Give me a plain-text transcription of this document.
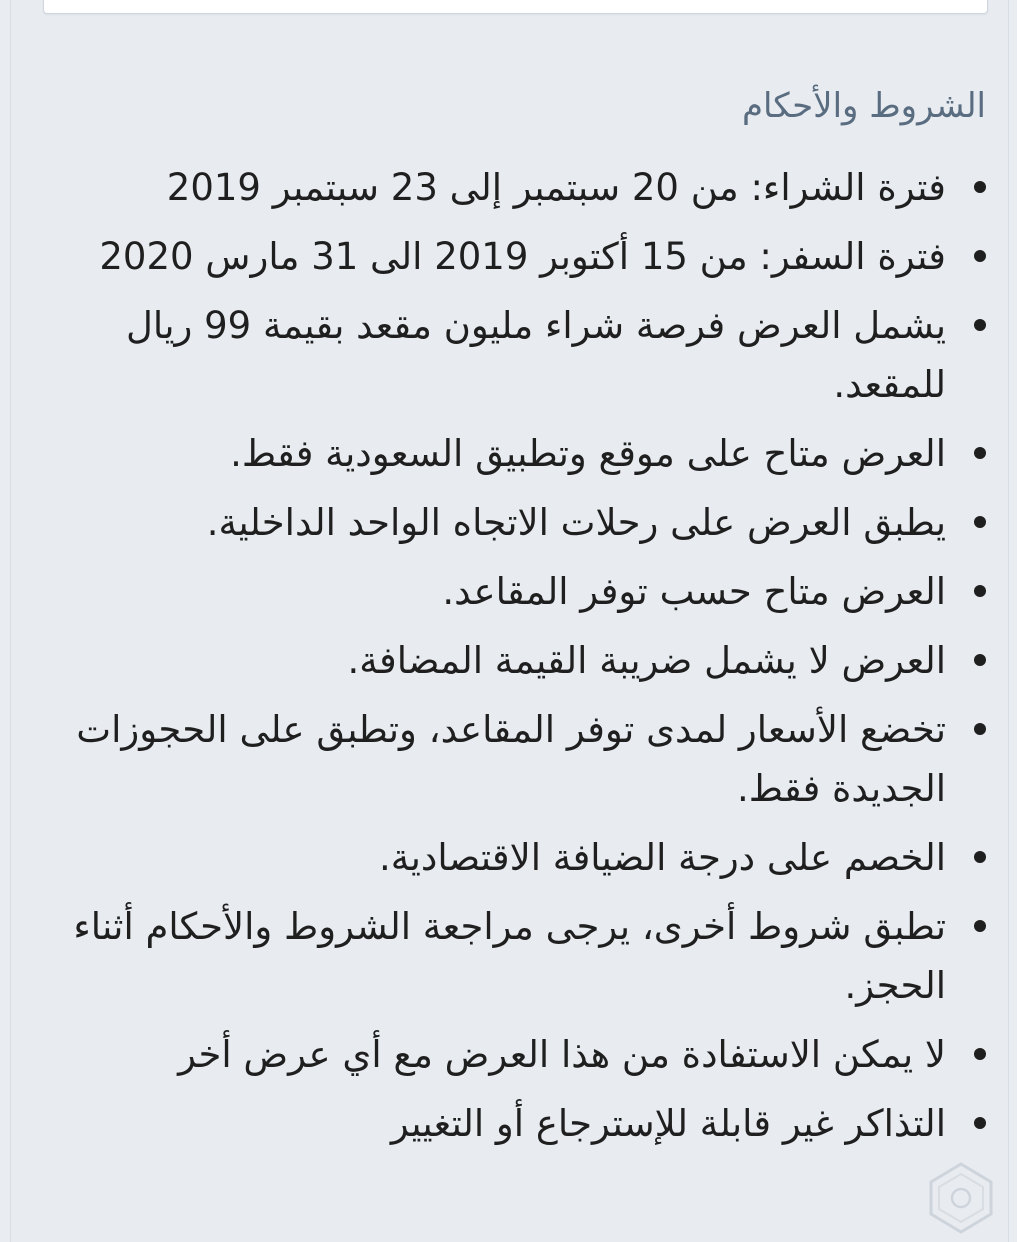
الشروط والأحكام
فترة الشراء: من 20 سبتمبر إلى 23 سبتمبر 2019
فترة السفر: من 15 أكتوبر 2019 الى 31 مارس 2020
يشمل العرض فرصة شراء مليون مقعد بقيمة 99 ريال للمقعد.
العرض متاح على موقع وتطبيق السعودية فقط.
يطبق العرض على رحلات الاتجاه الواحد الداخلية.
العرض متاح حسب توفر المقاعد.
العرض لا يشمل ضريبة القيمة المضافة.
تخضع الأسعار لمدى توفر المقاعد، وتطبق على الحجوزات الجديدة فقط.
الخصم على درجة الضيافة الاقتصادية.
تطبق شروط أخرى، يرجى مراجعة الشروط والأحكام أثناء الحجز.
لا يمكن الاستفادة من هذا العرض مع أي عرض أخر
التذاكر غير قابلة للإسترجاع أو التغيير
